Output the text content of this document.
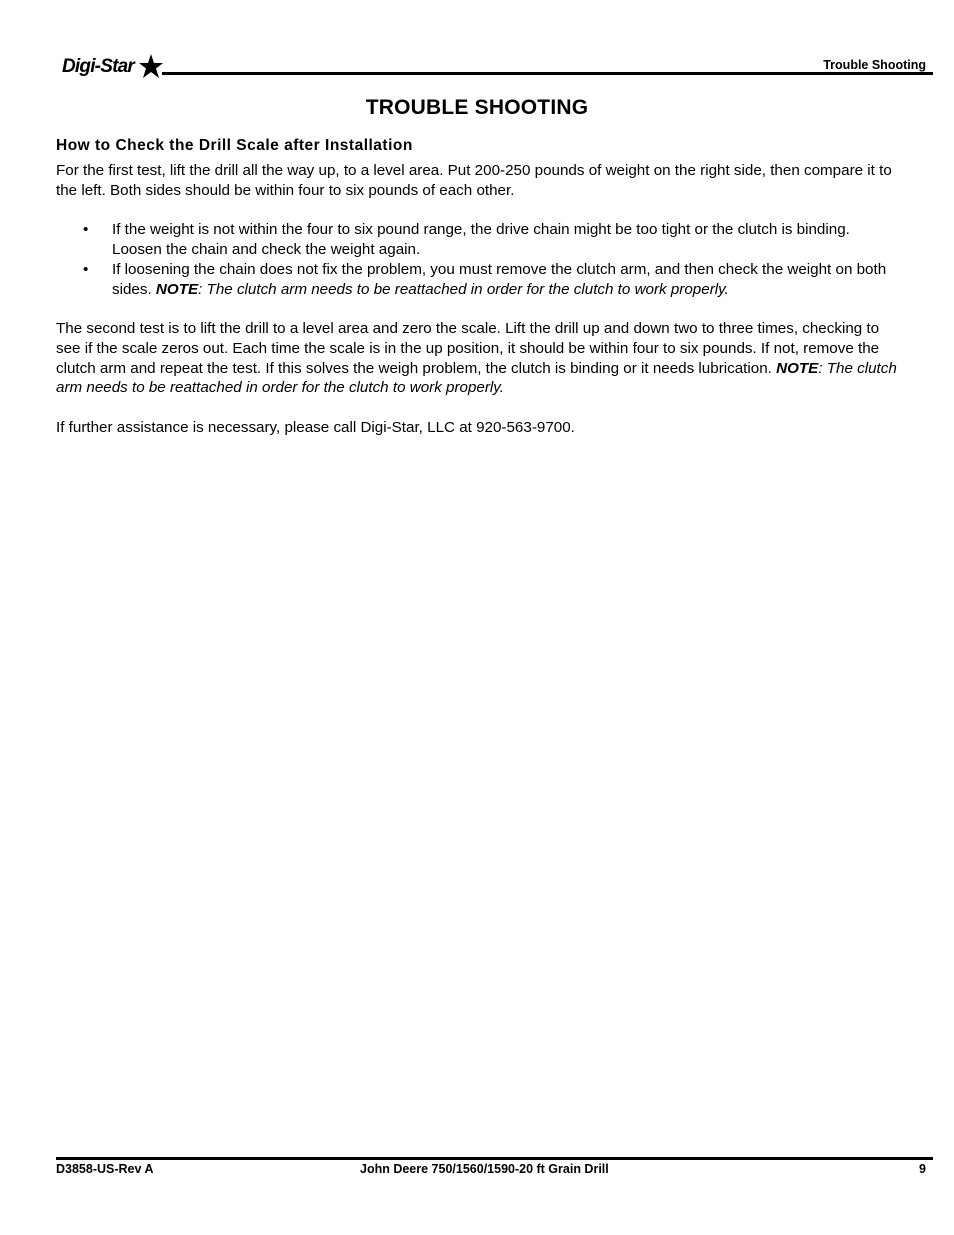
Digi-Star	Trouble Shooting
TROUBLE SHOOTING
How to Check the Drill Scale after Installation

For the first test, lift the drill all the way up, to a level area. Put 200-250 pounds of weight on the right side, then compare it to the left. Both sides should be within four to six pounds of each other.

• If the weight is not within the four to six pound range, the drive chain might be too tight or the clutch is binding. Loosen the chain and check the weight again.
• If loosening the chain does not fix the problem, you must remove the clutch arm, and then check the weight on both sides. NOTE: The clutch arm needs to be reattached in order for the clutch to work properly.

The second test is to lift the drill to a level area and zero the scale. Lift the drill up and down two to three times, checking to see if the scale zeros out. Each time the scale is in the up position, it should be within four to six pounds. If not, remove the clutch arm and repeat the test. If this solves the weigh problem, the clutch is binding or it needs lubrication. NOTE: The clutch arm needs to be reattached in order for the clutch to work properly.

If further assistance is necessary, please call Digi-Star, LLC at 920-563-9700.

D3858-US-Rev A	John Deere 750/1560/1590-20 ft Grain Drill	9
